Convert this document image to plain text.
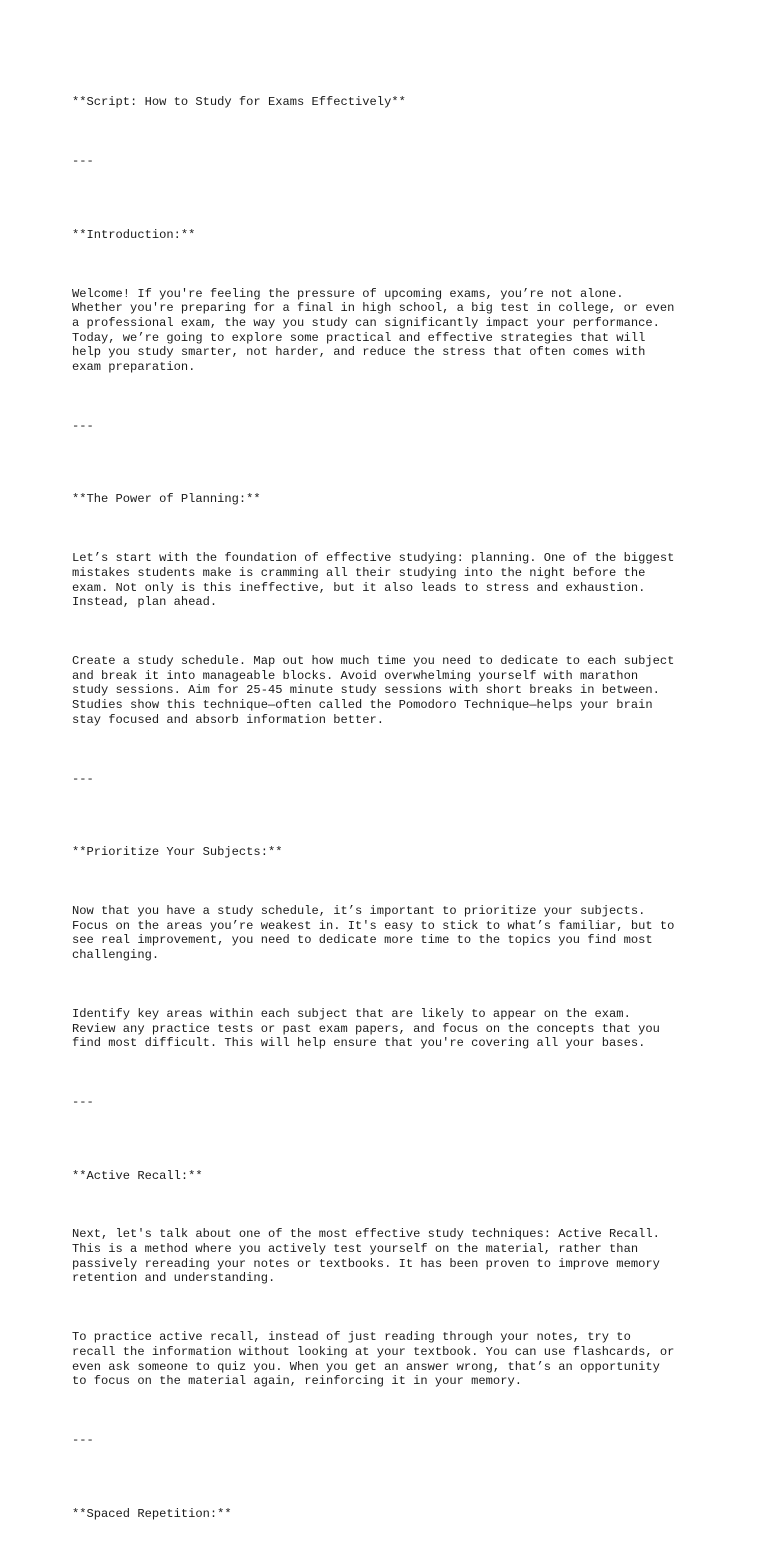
**Script: How to Study for Exams Effectively**

---

**Introduction:**

Welcome! If you're feeling the pressure of upcoming exams, you’re not alone.
Whether you're preparing for a final in high school, a big test in college, or even
a professional exam, the way you study can significantly impact your performance.
Today, we’re going to explore some practical and effective strategies that will
help you study smarter, not harder, and reduce the stress that often comes with
exam preparation.

---

**The Power of Planning:**

Let’s start with the foundation of effective studying: planning. One of the biggest
mistakes students make is cramming all their studying into the night before the
exam. Not only is this ineffective, but it also leads to stress and exhaustion.
Instead, plan ahead.

Create a study schedule. Map out how much time you need to dedicate to each subject
and break it into manageable blocks. Avoid overwhelming yourself with marathon
study sessions. Aim for 25-45 minute study sessions with short breaks in between.
Studies show this technique—often called the Pomodoro Technique—helps your brain
stay focused and absorb information better.

---

**Prioritize Your Subjects:**

Now that you have a study schedule, it’s important to prioritize your subjects.
Focus on the areas you’re weakest in. It's easy to stick to what’s familiar, but to
see real improvement, you need to dedicate more time to the topics you find most
challenging.

Identify key areas within each subject that are likely to appear on the exam.
Review any practice tests or past exam papers, and focus on the concepts that you
find most difficult. This will help ensure that you're covering all your bases.

---

**Active Recall:**

Next, let's talk about one of the most effective study techniques: Active Recall.
This is a method where you actively test yourself on the material, rather than
passively rereading your notes or textbooks. It has been proven to improve memory
retention and understanding.

To practice active recall, instead of just reading through your notes, try to
recall the information without looking at your textbook. You can use flashcards, or
even ask someone to quiz you. When you get an answer wrong, that’s an opportunity
to focus on the material again, reinforcing it in your memory.

---

**Spaced Repetition:**
